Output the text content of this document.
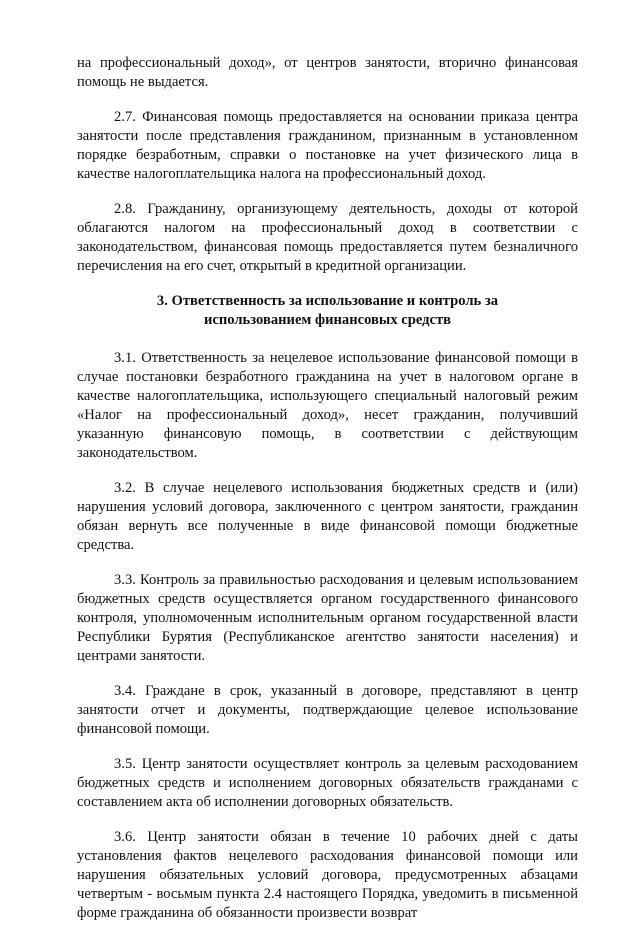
на профессиональный доход», от центров занятости, вторично финансовая помощь не выдается.

2.7. Финансовая помощь предоставляется на основании приказа центра занятости после представления гражданином, признанным в установленном порядке безработным, справки о постановке на учет физического лица в качестве налогоплательщика налога на профессиональный доход.

2.8. Гражданину, организующему деятельность, доходы от которой облагаются налогом на профессиональный доход в соответствии с законодательством, финансовая помощь предоставляется путем безналичного перечисления на его счет, открытый в кредитной организации.

3. Ответственность за использование и контроль за
использованием финансовых средств

3.1. Ответственность за нецелевое использование финансовой помощи в случае постановки безработного гражданина на учет в налоговом органе в качестве налогоплательщика, использующего специальный налоговый режим «Налог на профессиональный доход», несет гражданин, получивший указанную финансовую помощь, в соответствии с действующим законодательством.

3.2. В случае нецелевого использования бюджетных средств и (или) нарушения условий договора, заключенного с центром занятости, гражданин обязан вернуть все полученные в виде финансовой помощи бюджетные средства.

3.3. Контроль за правильностью расходования и целевым использованием бюджетных средств осуществляется органом государственного финансового контроля, уполномоченным исполнительным органом государственной власти Республики Бурятия (Республиканское агентство занятости населения) и центрами занятости.

3.4. Граждане в срок, указанный в договоре, представляют в центр занятости отчет и документы, подтверждающие целевое использование финансовой помощи.

3.5. Центр занятости осуществляет контроль за целевым расходованием бюджетных средств и исполнением договорных обязательств гражданами с составлением акта об исполнении договорных обязательств.

3.6. Центр занятости обязан в течение 10 рабочих дней с даты установления фактов нецелевого расходования финансовой помощи или нарушения обязательных условий договора, предусмотренных абзацами четвертым - восьмым пункта 2.4 настоящего Порядка, уведомить в письменной форме гражданина об обязанности произвести возврат
